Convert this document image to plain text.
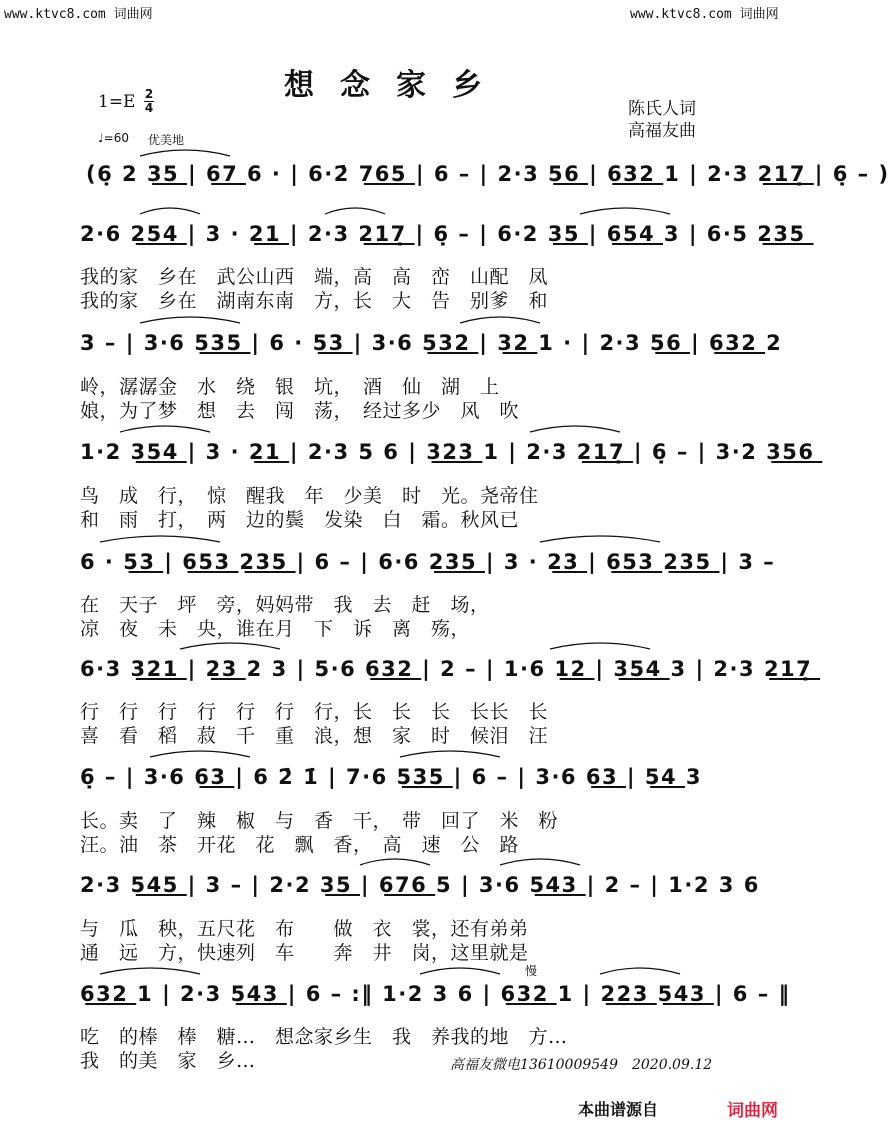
www.ktvc8.com 词曲网	www.ktvc8.com 词曲网
想念家乡
1=E 2
4
♩=60 优美地
陈氏人词
高福友曲
(6̣ 2 3͟5͟ | 6͟7͟ 6 · | 6·2̇ 7͟6͟5͟ | 6 – | 2·3 5͟6͟ | 6͟3͟2͟ 1 | 2·3 2͟1͟7̣͟ | 6̣ – )
2·6 2͟5͟4͟ | 3 · 2͟1͟ | 2·3 2͟1͟7̣͟ | 6̣ – | 6·2 3͟5͟ | 6͟5͟4͟ 3 | 6·5 2͟3͟5͟
3 – | 3·6 5͟3͟5͟ | 6 · 5͟3͟ | 3·6 5͟3͟2͟ | 3͟2͟ 1 · | 2·3 5͟6͟ | 6͟3͟2͟ 2
1·2 3͟5͟4͟ | 3 · 2͟1͟ | 2·3 5 6 | 3͟2͟3͟ 1 | 2·3 2͟1͟7̣͟ | 6̣ – | 3·2 3͟5͟6͟
6 · 5͟3͟ | 6͟5͟3͟ 2͟3͟5͟ | 6 – | 6·6 2͟3͟5͟ | 3 · 2͟3͟ | 6͟5͟3͟ 2͟3͟5͟ | 3 –
6·3 3͟2͟1͟ | 2͟3͟ 2 3 | 5·6 6͟3͟2͟ | 2 – | 1·6 1͟2͟ | 3͟5͟4͟ 3 | 2·3 2͟1͟7̣͟
6̣ – | 3·6 6͟3͟ | 6 2̇ 1̇ | 7·6 5͟3͟5͟ | 6 – | 3·6 6͟3͟ | 5͟4͟ 3
2·3 5͟4͟5͟ | 3 – | 2·2 3͟5͟ | 6͟7͟6͟ 5 | 3·6 5͟4͟3͟ | 2 – | 1·2 3 6
6͟3͟2͟ 1 | 2·3 5͟4͟3͟ | 6 – :‖ 1·2 3 6 | 6͟3͟2͟ 1 | 2͟2͟3͟ 5͟4͟3͟ | 6 – ‖
我的家　乡在　武公山西　端，高　高　峦　山配　凤
我的家　乡在　湖南东南　方，长　大　告　别爹　和
岭，潺潺金　水　绕　银　坑，　酒　仙　湖　上
娘，为了梦　想　去　闯　荡，　经过多少　风　吹
鸟　成　行，　惊　醒我　年　少美　时　光。尧帝住
和　雨　打，　两　边的鬓　发染　白　霜。秋风已
在　天子　坪　旁，妈妈带　我　去　赶　场，
凉　夜　未　央，谁在月　下　诉　离　殇，
行　行　行　行　行　行　行，长　长　长　长长　长
喜　看　稻　菽　千　重　浪，想　家　时　候泪　汪
长。卖　了　辣　椒　与　香　干，　带　回了　米　粉
汪。油　茶　开花　花　飘　香，　高　速　公　路
与　瓜　秧，五尺花　布　　做　衣　裳，还有弟弟
通　远　方，快速列　车　　奔　井　岗，这里就是
吃　的棒　棒　糖…　想念家乡生　我　养我的地　方…
我　的美　家　乡…
慢
高福友微电13610009549　2020.09.12
本曲谱源自	词曲网
